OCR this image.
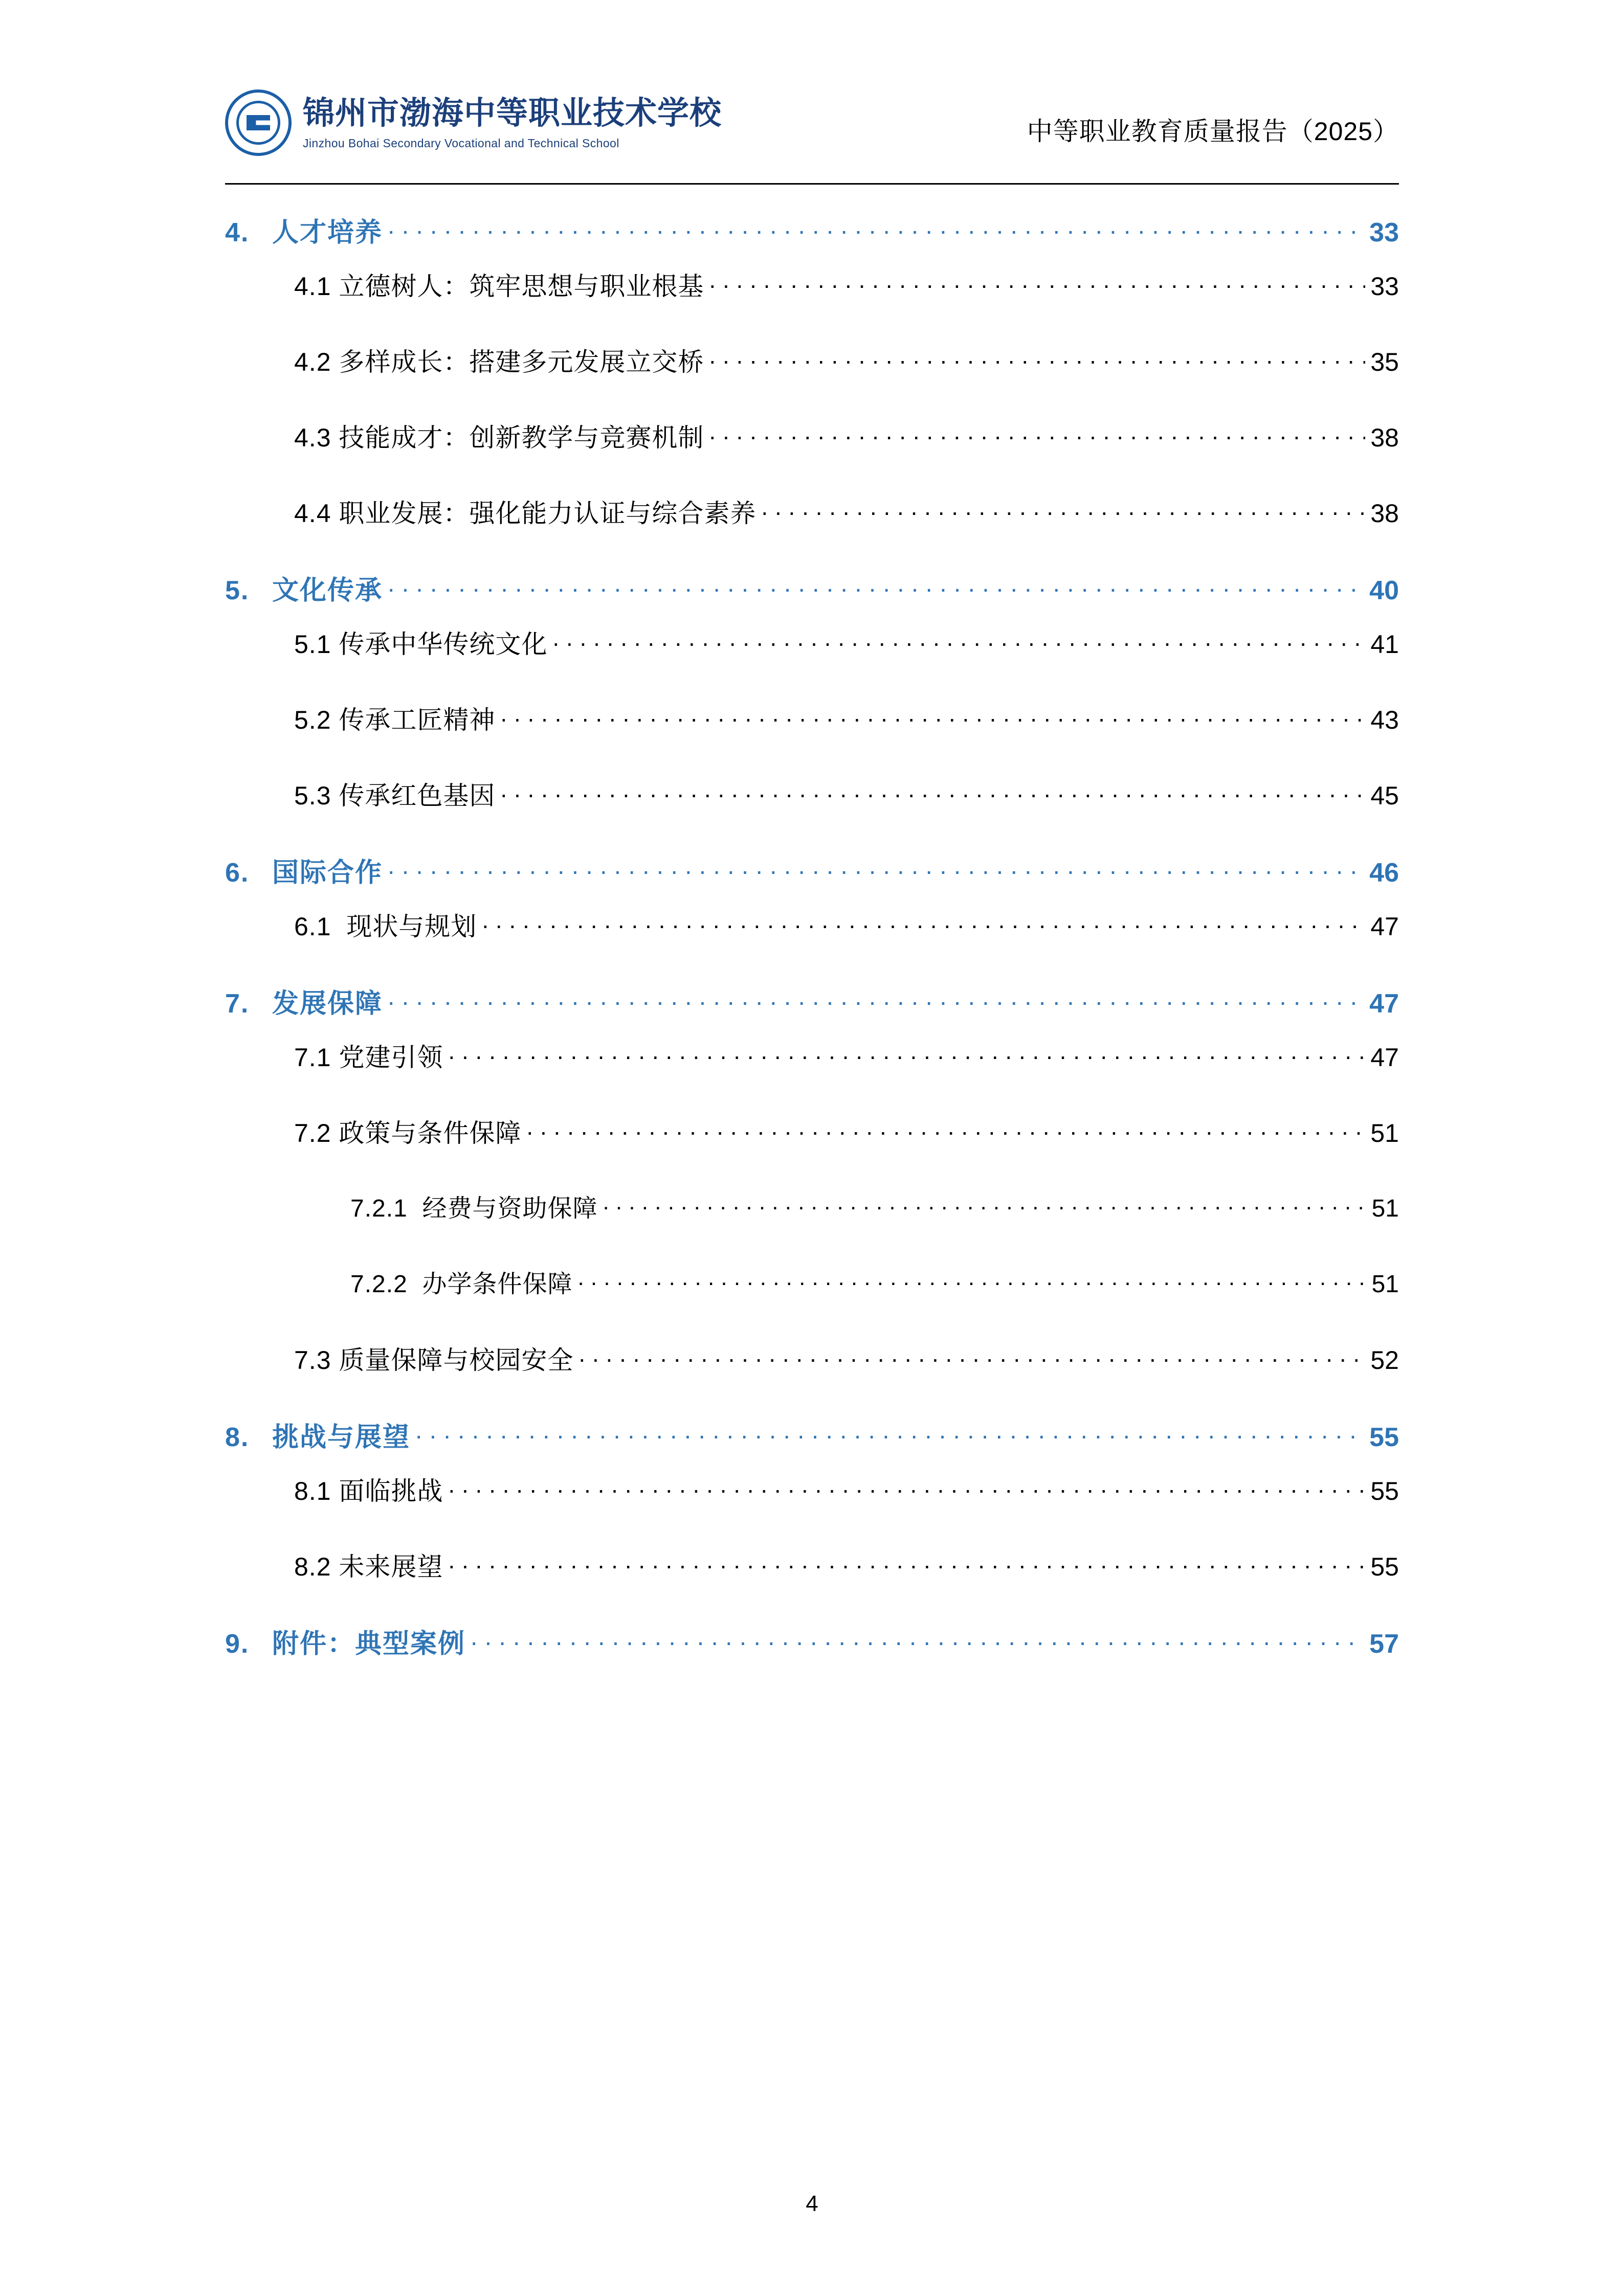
锦州市渤海中等职业技术学校
Jinzhou Bohai Secondary Vocational and Technical School	中等职业教育质量报告（2025）
4. 人才培养 . . .	33
4.1 立德树人：筑牢思想与职业根基 . . .	33
4.2 多样成长：搭建多元发展立交桥 . . .	35
4.3 技能成才：创新教学与竞赛机制 . . .	38
4.4 职业发展：强化能力认证与综合素养 . . .	38
5. 文化传承 . . .	40
5.1 传承中华传统文化 . . .	41
5.2 传承工匠精神 . . .	43
5.3 传承红色基因 . . .	45
6. 国际合作 . . .	46
6.1 现状与规划 . . .	47
7. 发展保障 . . .	47
7.1 党建引领 . . .	47
7.2 政策与条件保障 . . .	51
7.2.1 经费与资助保障 . . .	51
7.2.2 办学条件保障 . . .	51
7.3 质量保障与校园安全 . . .	52
8. 挑战与展望 . . .	55
8.1 面临挑战 . . .	55
8.2 未来展望 . . .	55
9. 附件：典型案例 . . .	57
4
